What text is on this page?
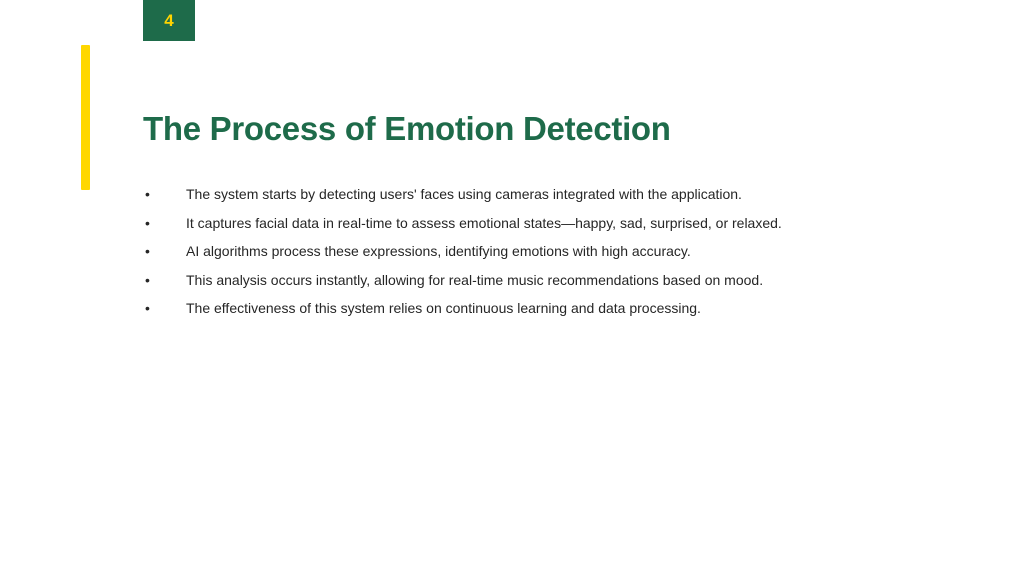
4
The Process of Emotion Detection
•	The system starts by detecting users' faces using cameras integrated with the application.
•	It captures facial data in real-time to assess emotional states—happy, sad, surprised, or relaxed.
•	AI algorithms process these expressions, identifying emotions with high accuracy.
•	This analysis occurs instantly, allowing for real-time music recommendations based on mood.
•	The effectiveness of this system relies on continuous learning and data processing.
